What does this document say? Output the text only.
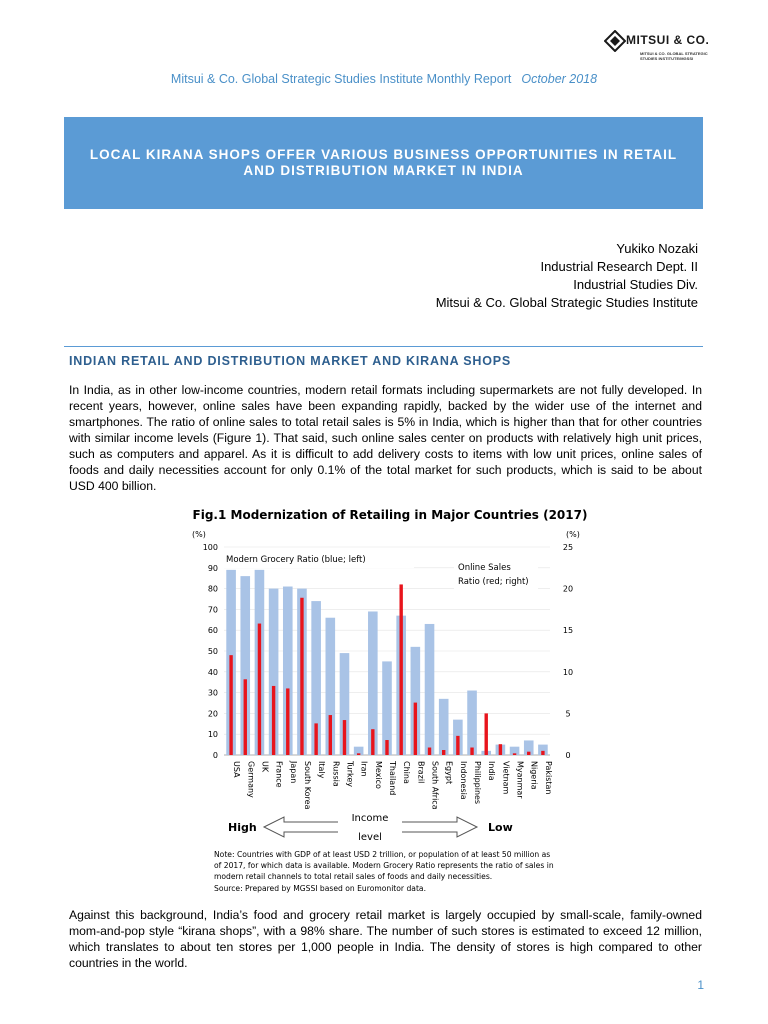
MITSUI & CO.
MITSUI & CO. GLOBAL STRATEGIC STUDIES INSTITUTE/MGSSI
Mitsui & Co. Global Strategic Studies Institute Monthly Report October 2018
LOCAL KIRANA SHOPS OFFER VARIOUS BUSINESS OPPORTUNITIES IN RETAIL AND DISTRIBUTION MARKET IN INDIA
Yukiko Nozaki
Industrial Research Dept. II
Industrial Studies Div.
Mitsui & Co. Global Strategic Studies Institute
INDIAN RETAIL AND DISTRIBUTION MARKET AND KIRANA SHOPS
In India, as in other low-income countries, modern retail formats including supermarkets are not fully developed. In recent years, however, online sales have been expanding rapidly, backed by the wider use of the internet and smartphones. The ratio of online sales to total retail sales is 5% in India, which is higher than that for other countries with similar income levels (Figure 1). That said, such online sales center on products with relatively high unit prices, such as computers and apparel. As it is difficult to add delivery costs to items with low unit prices, online sales of foods and daily necessities account for only 0.1% of the total market for such products, which is said to be about USD 400 billion.
Fig.1 Modernization of Retailing in Major Countries (2017)
(%)	(%)
0
10
20
30
40
50
60
70
80
90
100
0
5
10
15
20
25
USA Germany UK France Japan South Korea Italy Russia Turkey Iran Mexico Thailand China Brazil South Africa Egypt Indonesia Philippines India Vietnam Myanmar Nigeria Pakistan
Modern Grocery Ratio (blue; left)
Online Sales
Ratio (red; right)
Income
level
High	Low
Note: Countries with GDP of at least USD 2 trillion, or population of at least 50 million as
of 2017, for which data is available. Modern Grocery Ratio represents the ratio of sales in
modern retail channels to total retail sales of foods and daily necessities.
Source: Prepared by MGSSI based on Euromonitor data.
Against this background, India’s food and grocery retail market is largely occupied by small-scale, family-owned mom-and-pop style “kirana shops”, with a 98% share. The number of such stores is estimated to exceed 12 million, which translates to about ten stores per 1,000 people in India. The density of stores is high compared to other countries in the world.
1
